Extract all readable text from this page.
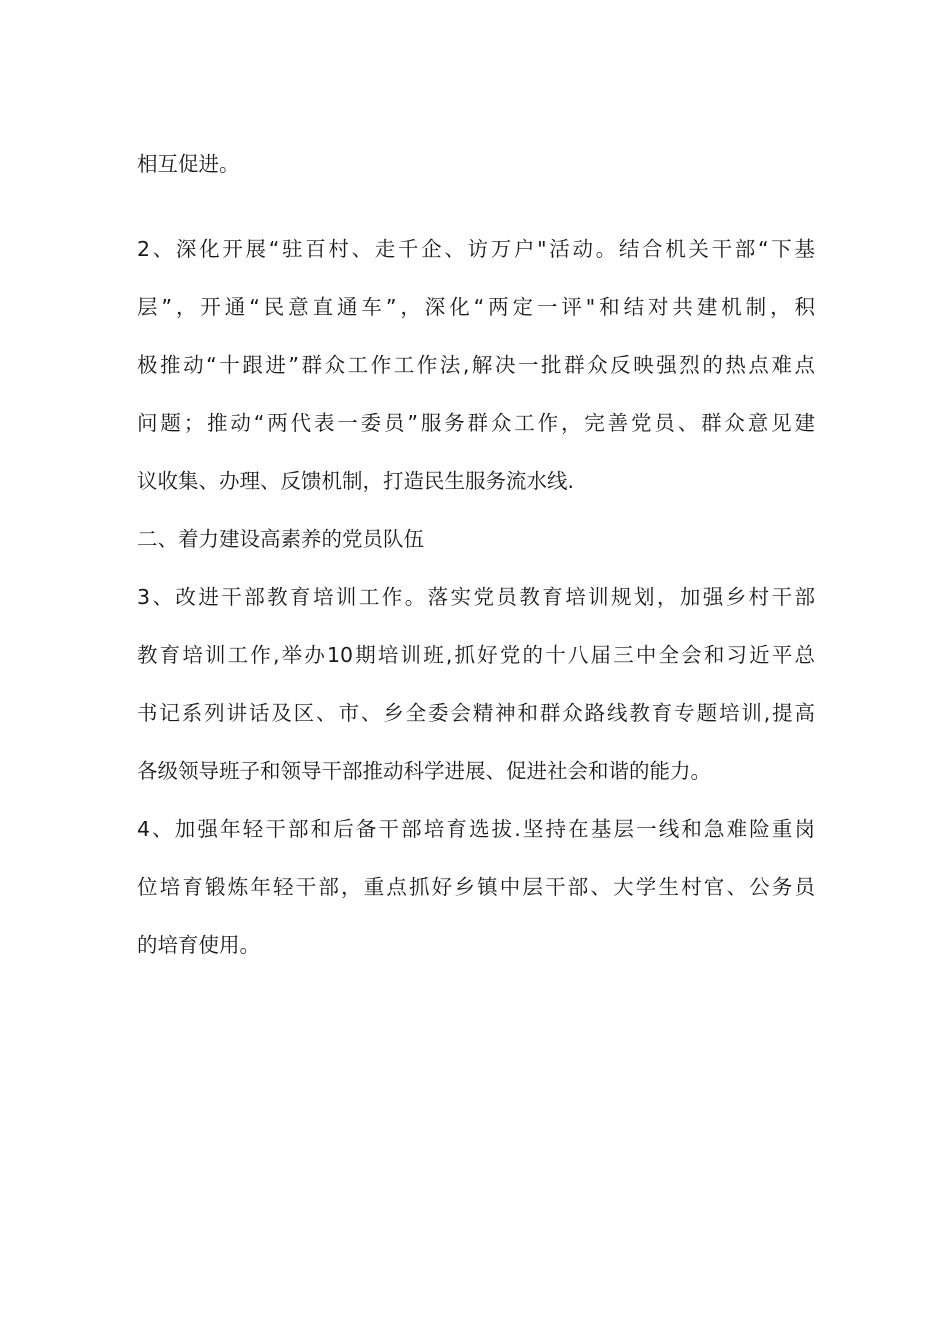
相互促进。
2、深化开展“驻百村、走千企、访万户"活动。结合机关干部“下基
层”，开通“民意直通车”，深化“两定一评"和结对共建机制，积
极推动“十跟进”群众工作工作法,解决一批群众反映强烈的热点难点
问题；推动“两代表一委员”服务群众工作，完善党员、群众意见建
议收集、办理、反馈机制，打造民生服务流水线.
二、着力建设高素养的党员队伍
3、改进干部教育培训工作。落实党员教育培训规划，加强乡村干部
教育培训工作,举办10期培训班,抓好党的十八届三中全会和习近平总
书记系列讲话及区、市、乡全委会精神和群众路线教育专题培训,提高
各级领导班子和领导干部推动科学进展、促进社会和谐的能力。
4、加强年轻干部和后备干部培育选拔.坚持在基层一线和急难险重岗
位培育锻炼年轻干部，重点抓好乡镇中层干部、大学生村官、公务员
的培育使用。
